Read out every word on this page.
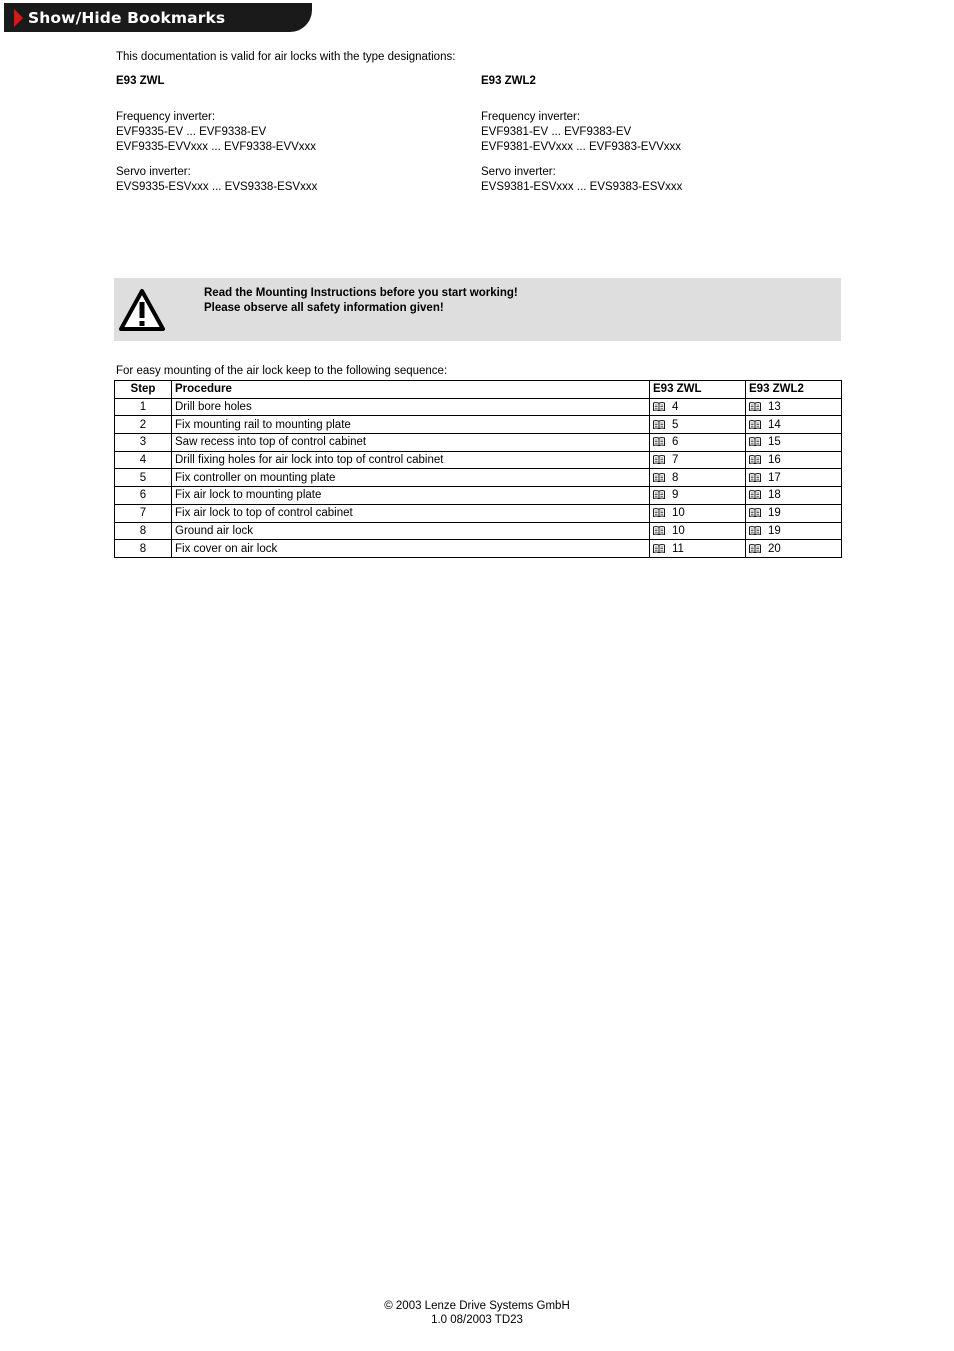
Show/Hide Bookmarks
This documentation is valid for air locks with the type designations:
E93 ZWL
Frequency inverter:
EVF9335-EV ... EVF9338-EV
EVF9335-EVVxxx ... EVF9338-EVVxxx
Servo inverter:
EVS9335-ESVxxx ... EVS9338-ESVxxx
E93 ZWL2
Frequency inverter:
EVF9381-EV ... EVF9383-EV
EVF9381-EVVxxx ... EVF9383-EVVxxx
Servo inverter:
EVS9381-ESVxxx ... EVS9383-ESVxxx
Read the Mounting Instructions before you start working!
Please observe all safety information given!
For easy mounting of the air lock keep to the following sequence:
Step	Procedure	E93 ZWL	E93 ZWL2
1	Drill bore holes	4	13
2	Fix mounting rail to mounting plate	5	14
3	Saw recess into top of control cabinet	6	15
4	Drill fixing holes for air lock into top of control cabinet	7	16
5	Fix controller on mounting plate	8	17
6	Fix air lock to mounting plate	9	18
7	Fix air lock to top of control cabinet	10	19
8	Ground air lock	10	19
8	Fix cover on air lock	11	20
© 2003 Lenze Drive Systems GmbH
1.0 08/2003 TD23
